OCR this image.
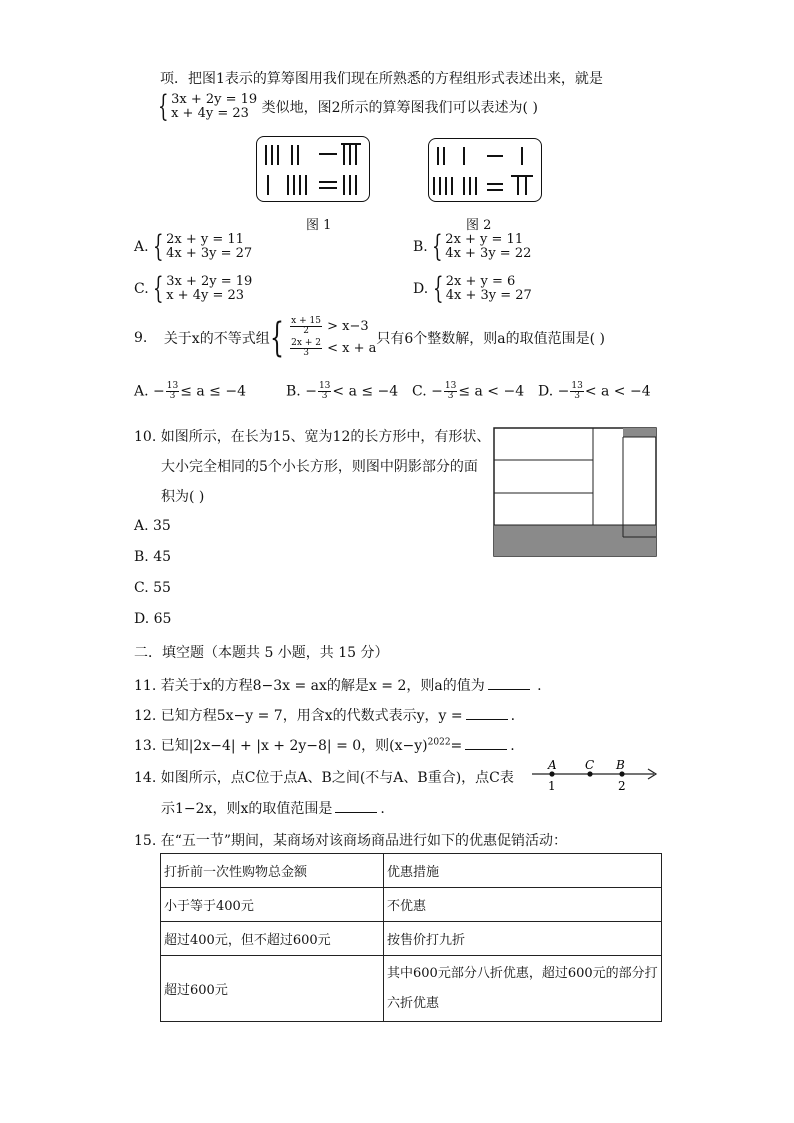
项．把图1表示的算筹图用我们现在所熟悉的方程组形式表述出来，就是
{ 3x + 2y = 19
x + 4y = 23 类似地，图2所示的算筹图我们可以表述为( )
图 1	图 2
A. { 2x + y = 11
4x + 3y = 27	B. { 2x + y = 11
4x + 3y = 22
C. { 3x + 2y = 19
x + 4y = 23	D. { 2x + y = 6
4x + 3y = 27
9. 关于x的不等式组 { $\frac{x + 15}{2} > x-3$
$\frac{2x + 2}{3} < x + a$
只有6个整数解，则a的取值范围是( )
A. − $\frac{13}{3} \le a \le -4$	B. − $\frac{13}{3} < a \le -4$ C. − $\frac{13}{3} \le a < -4$ D. − $\frac{13}{3} < a < -4$
10. 如图所示，在长为15、宽为12的长方形中，有形状、
大小完全相同的5个小长方形，则图中阴影部分的面
积为( )
A. 35
B. 45
C. 55
D. 65
二．填空题（本题共 5 小题，共 15 分）
11. 若关于x的方程8−3x = ax的解是x = 2，则a的值为	.
12. 已知方程5x−y = 7，用含x的代数式表示y，y =	.
13. 已知|2x−4| + |x + 2y−8| = 0，则$(x-y)^{2022}=$	.
14. 如图所示，点C位于点A、B之间(不与A、B重合)，点C表
示1−2x，则x的取值范围是	.
A C B
1	2
15. 在“五一节”期间，某商场对该商场商品进行如下的优惠促销活动：
打折前一次性购物总金额	优惠措施
小于等于400元	不优惠
超过400元，但不超过600元	按售价打九折
超过600元	其中600元部分八折优惠，超过600元的部分打六折优惠
